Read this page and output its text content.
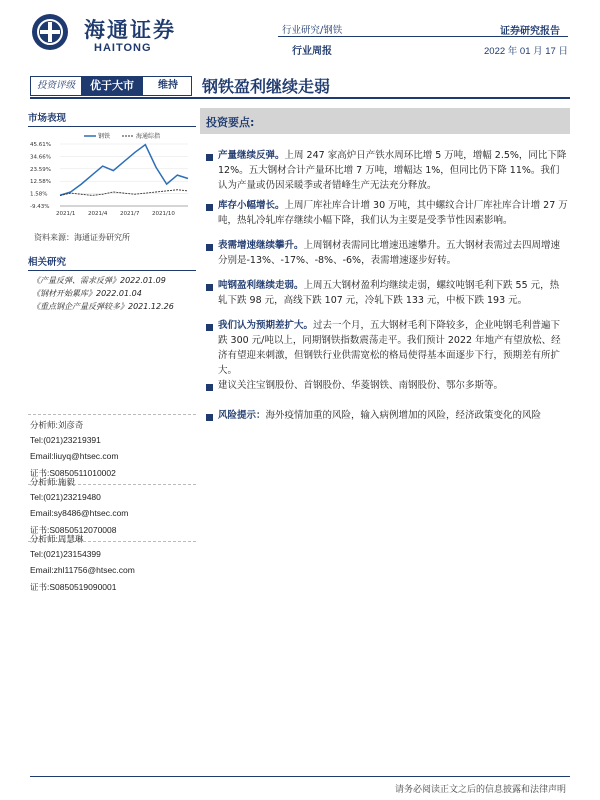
海通证券
HAITONG
行业研究/钢铁
行业周报
证券研究报告
2022 年 01 月 17 日
投资评级	优于大市	维持	钢铁盈利继续走弱
市场表现
钢铁	海通综指
45.61%
34.66%
23.59%
12.58%
1.58%
-9.43%
2021/1 2021/4 2021/7 2021/10
资料来源：海通证券研究所
相关研究
《产量反弹、需求反弹》2022.01.09
《钢材开始累库》2022.01.04
《重点钢企产量反弹较多》2021.12.26
分析师:刘彦奇
Tel:(021)23219391
Email:liuyq@htsec.com
证书:S0850511010002
分析师:施毅
Tel:(021)23219480
Email:sy8486@htsec.com
证书:S0850512070008
分析师:周慧琳
Tel:(021)23154399
Email:zhl11756@htsec.com
证书:S0850519090001
投资要点:
产量继续反弹。上周 247 家高炉日产铁水周环比增 5 万吨，增幅 2.5%，同比下降 12%。五大钢材合计产量环比增 7 万吨，增幅达 1%，但同比仍下降 11%。我们认为产量或仍因采暖季或者错峰生产无法充分释放。
库存小幅增长。上周厂库社库合计增 30 万吨，其中螺纹合计厂库社库合计增 27 万吨，热轧冷轧库存继续小幅下降，我们认为主要是受季节性因素影响。
表需增速继续攀升。上周钢材表需同比增速迅速攀升。五大钢材表需过去四周增速分别是-13%、-17%、-8%、-6%，表需增速逐步好转。
吨钢盈利继续走弱。上周五大钢材盈利均继续走弱，螺纹吨钢毛利下跌 55 元，热轧下跌 98 元，高线下跌 107 元，冷轧下跌 133 元，中板下跌 193 元。
我们认为预期差扩大。过去一个月，五大钢材毛利下降较多，企业吨钢毛利普遍下跌 300 元/吨以上，同期钢铁指数震荡走平。我们预计 2022 年地产有望放松、经济有望迎来刺激，但钢铁行业供需宽松的格局使得基本面逐步下行，预期差有所扩大。
建议关注宝钢股份、首钢股份、华菱钢铁、南钢股份、鄂尔多斯等。
风险提示：海外疫情加重的风险，输入病例增加的风险，经济政策变化的风险
请务必阅读正文之后的信息披露和法律声明
